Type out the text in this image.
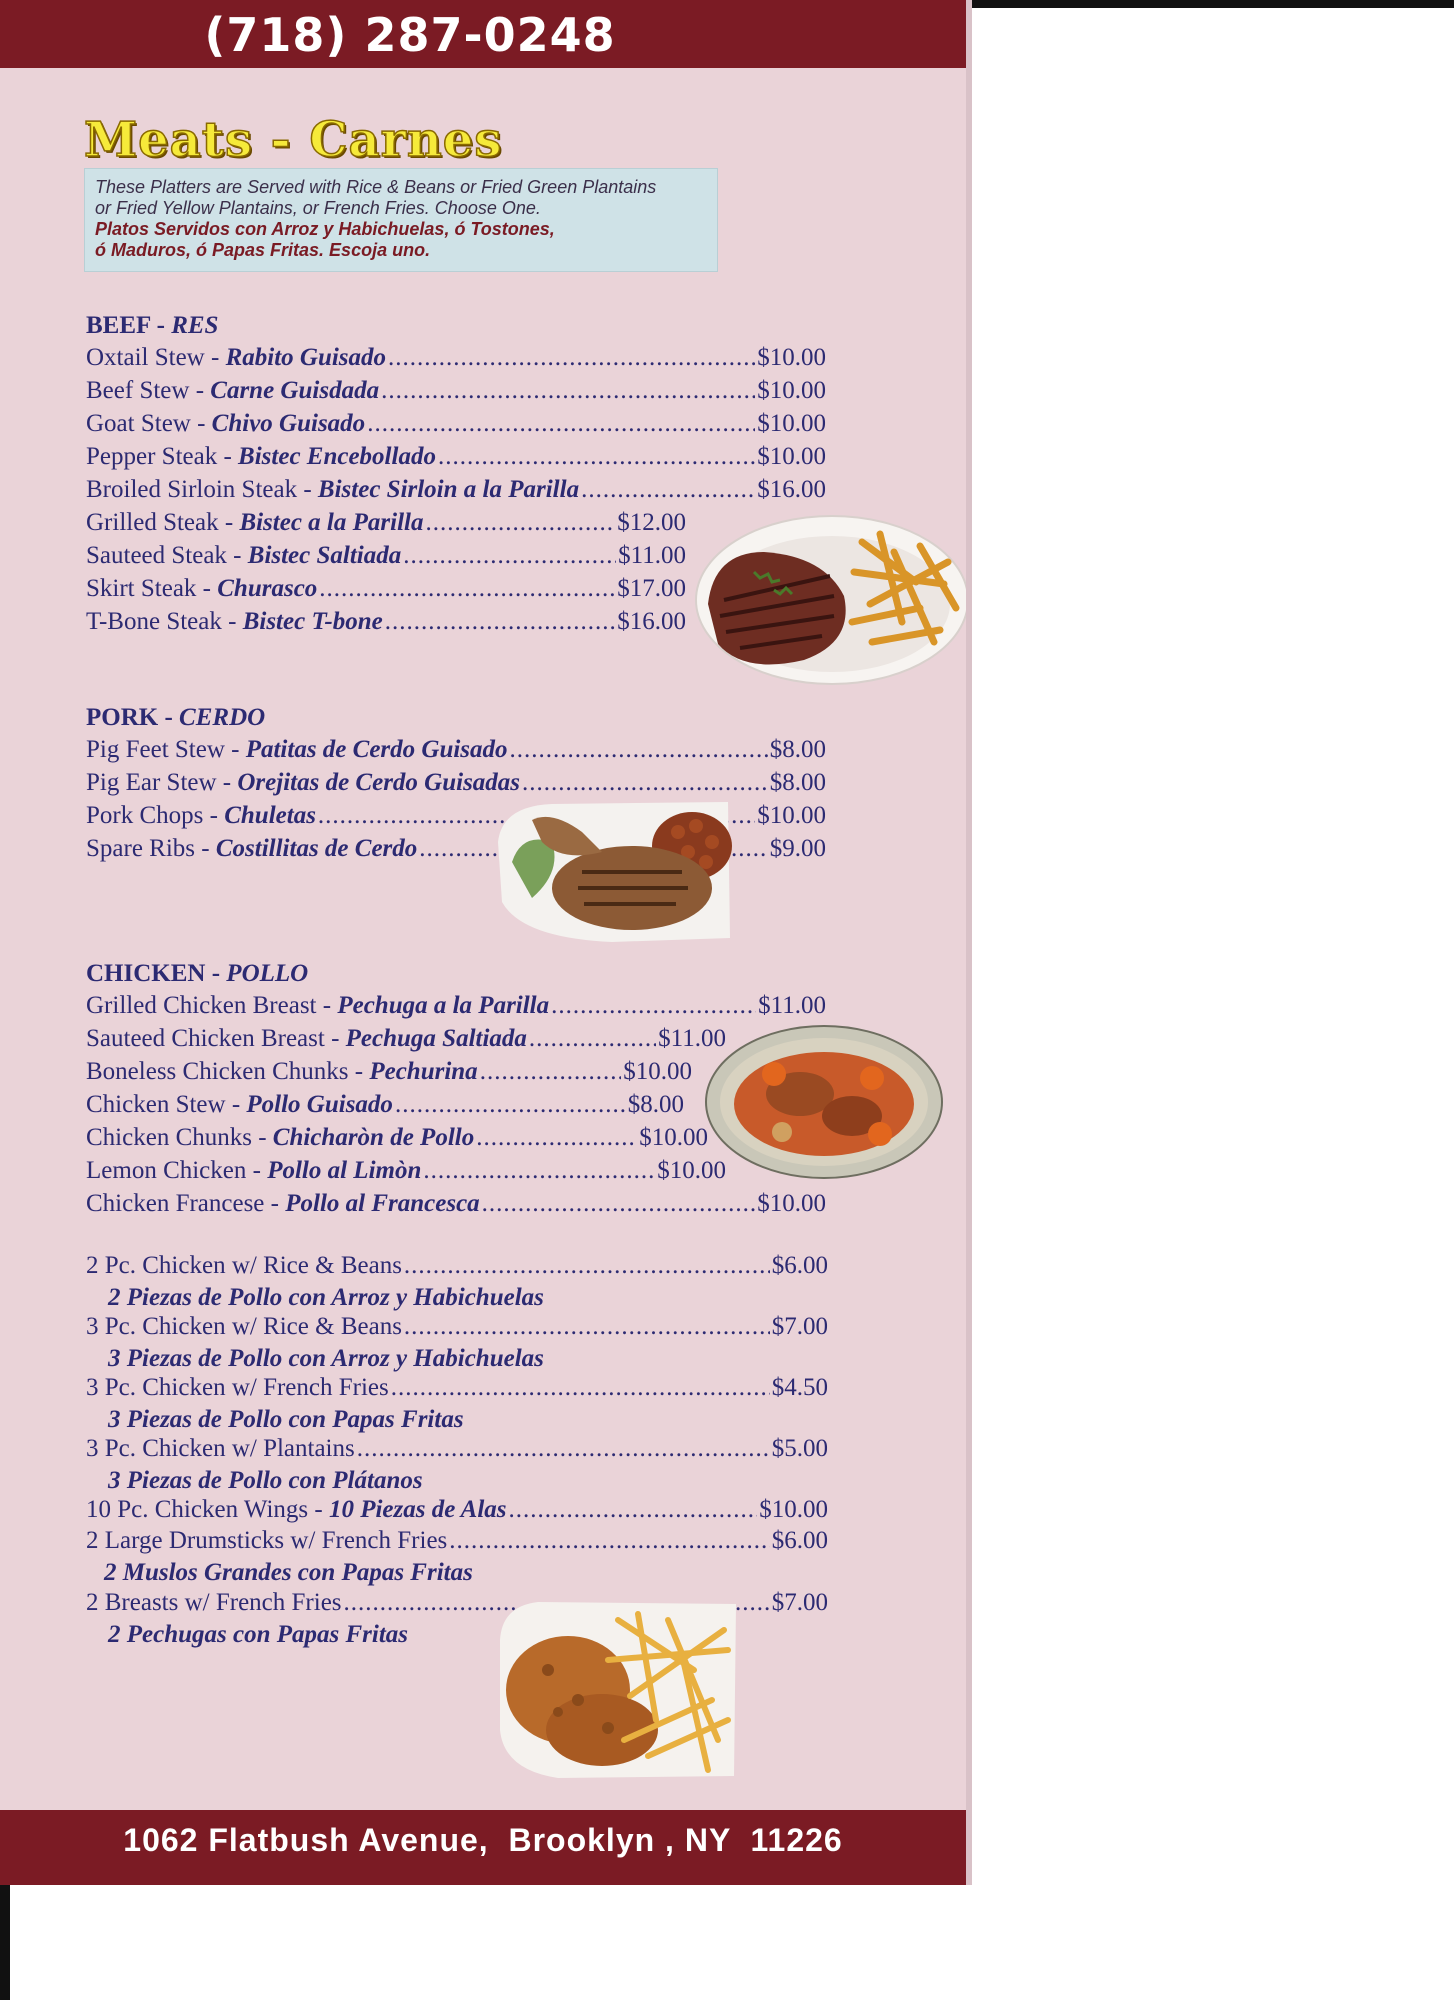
(718) 287-0248
Meats - Carnes
These Platters are Served with Rice & Beans or Fried Green Plantains
or Fried Yellow Plantains, or French Fries. Choose One.
Platos Servidos con Arroz y Habichuelas, ó Tostones,
ó Maduros, ó Papas Fritas. Escoja uno.
BEEF - RES
Oxtail Stew - Rabito Guisado .....	$10.00
Beef Stew - Carne Guisdada .....	$10.00
Goat Stew - Chivo Guisado .....	$10.00
Pepper Steak - Bistec Encebollado .....	$10.00
Broiled Sirloin Steak - Bistec Sirloin a la Parilla .....	$16.00
Grilled Steak - Bistec a la Parilla .....	$12.00
Sauteed Steak - Bistec Saltiada .....	$11.00
Skirt Steak - Churasco .....	$17.00
T-Bone Steak - Bistec T-bone .....	$16.00
PORK - CERDO
Pig Feet Stew - Patitas de Cerdo Guisado .....	$8.00
Pig Ear Stew - Orejitas de Cerdo Guisadas .....	$8.00
Pork Chops - Chuletas .....	$10.00
Spare Ribs - Costillitas de Cerdo .....	$9.00
CHICKEN - POLLO
Grilled Chicken Breast - Pechuga a la Parilla .....	$11.00
Sauteed Chicken Breast - Pechuga Saltiada .....	$11.00
Boneless Chicken Chunks - Pechurina .....	$10.00
Chicken Stew - Pollo Guisado .....	$8.00
Chicken Chunks - Chicharòn de Pollo .....	$10.00
Lemon Chicken - Pollo al Limòn .....	$10.00
Chicken Francese - Pollo al Francesca .....	$10.00
2 Pc. Chicken w/ Rice & Beans .....	$6.00
2 Piezas de Pollo con Arroz y Habichuelas
3 Pc. Chicken w/ Rice & Beans .....	$7.00
3 Piezas de Pollo con Arroz y Habichuelas
3 Pc. Chicken w/ French Fries .....	$4.50
3 Piezas de Pollo con Papas Fritas
3 Pc. Chicken w/ Plantains .....	$5.00
3 Piezas de Pollo con Plátanos
10 Pc. Chicken Wings - 10 Piezas de Alas .....	$10.00
2 Large Drumsticks w/ French Fries .....	$6.00
2 Muslos Grandes con Papas Fritas
2 Breasts w/ French Fries .....	$7.00
2 Pechugas con Papas Fritas
1062 Flatbush Avenue,  Brooklyn , NY  11226
